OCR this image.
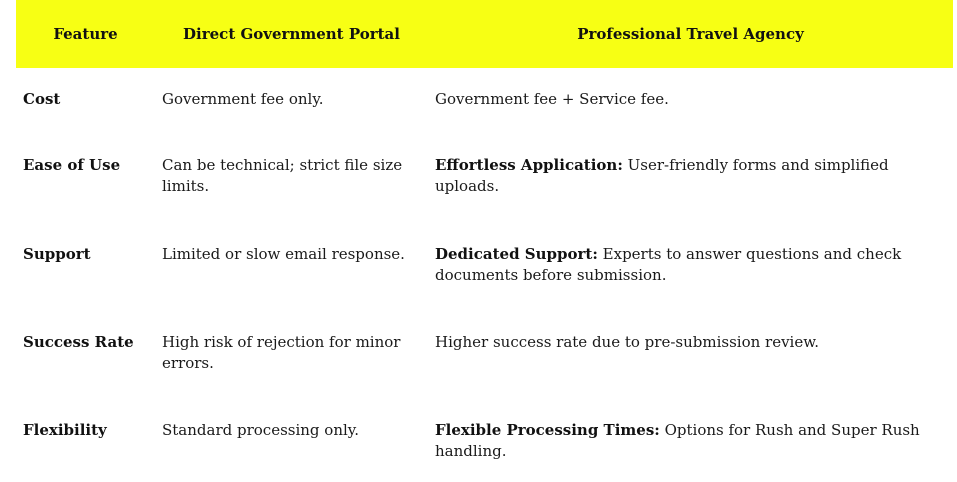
Feature	Direct Government Portal	Professional Travel Agency
Cost	Government fee only.	Government fee + Service fee.
Ease of Use	Can be technical; strict file size limits.	Effortless Application: User-friendly forms and simplified uploads.
Support	Limited or slow email response.	Dedicated Support: Experts to answer questions and check documents before submission.
Success Rate	High risk of rejection for minor errors.	Higher success rate due to pre-submission review.
Flexibility	Standard processing only.	Flexible Processing Times: Options for Rush and Super Rush handling.
